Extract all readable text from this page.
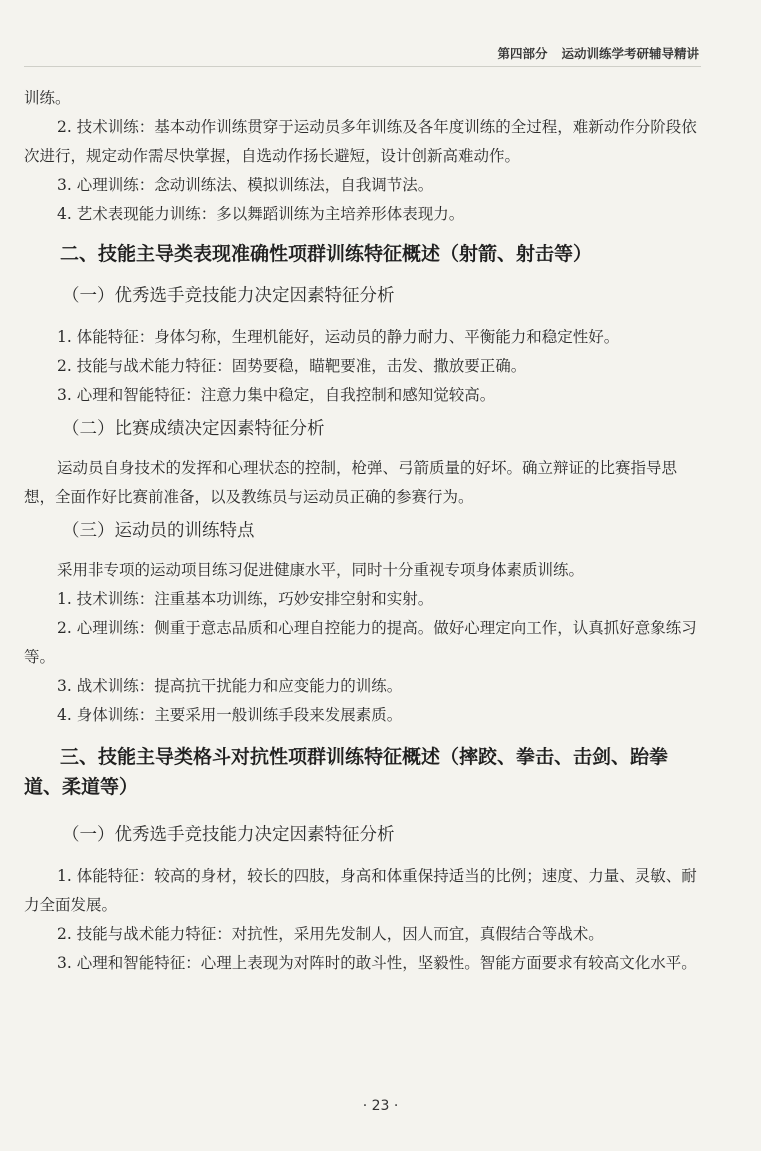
第四部分 运动训练学考研辅导精讲

训练。

2. 技术训练：基本动作训练贯穿于运动员多年训练及各年度训练的全过程，难新动作分阶段依次进行，规定动作需尽快掌握，自选动作扬长避短，设计创新高难动作。

3. 心理训练：念动训练法、模拟训练法，自我调节法。

4. 艺术表现能力训练：多以舞蹈训练为主培养形体表现力。

二、技能主导类表现准确性项群训练特征概述（射箭、射击等）
（一）优秀选手竞技能力决定因素特征分析

1. 体能特征：身体匀称，生理机能好，运动员的静力耐力、平衡能力和稳定性好。

2. 技能与战术能力特征：固势要稳，瞄靶要准，击发、撒放要正确。

3. 心理和智能特征：注意力集中稳定，自我控制和感知觉较高。

（二）比赛成绩决定因素特征分析

运动员自身技术的发挥和心理状态的控制，枪弹、弓箭质量的好坏。确立辩证的比赛指导思想，全面作好比赛前准备，以及教练员与运动员正确的参赛行为。

（三）运动员的训练特点

采用非专项的运动项目练习促进健康水平，同时十分重视专项身体素质训练。

1. 技术训练：注重基本功训练，巧妙安排空射和实射。

2. 心理训练：侧重于意志品质和心理自控能力的提高。做好心理定向工作，认真抓好意象练习等。

3. 战术训练：提高抗干扰能力和应变能力的训练。

4. 身体训练：主要采用一般训练手段来发展素质。

三、技能主导类格斗对抗性项群训练特征概述（摔跤、拳击、击剑、跆拳道、柔道等）
（一）优秀选手竞技能力决定因素特征分析

1. 体能特征：较高的身材，较长的四肢，身高和体重保持适当的比例；速度、力量、灵敏、耐力全面发展。

2. 技能与战术能力特征：对抗性，采用先发制人，因人而宜，真假结合等战术。

3. 心理和智能特征：心理上表现为对阵时的敢斗性，坚毅性。智能方面要求有较高文化水平。

· 23 ·
